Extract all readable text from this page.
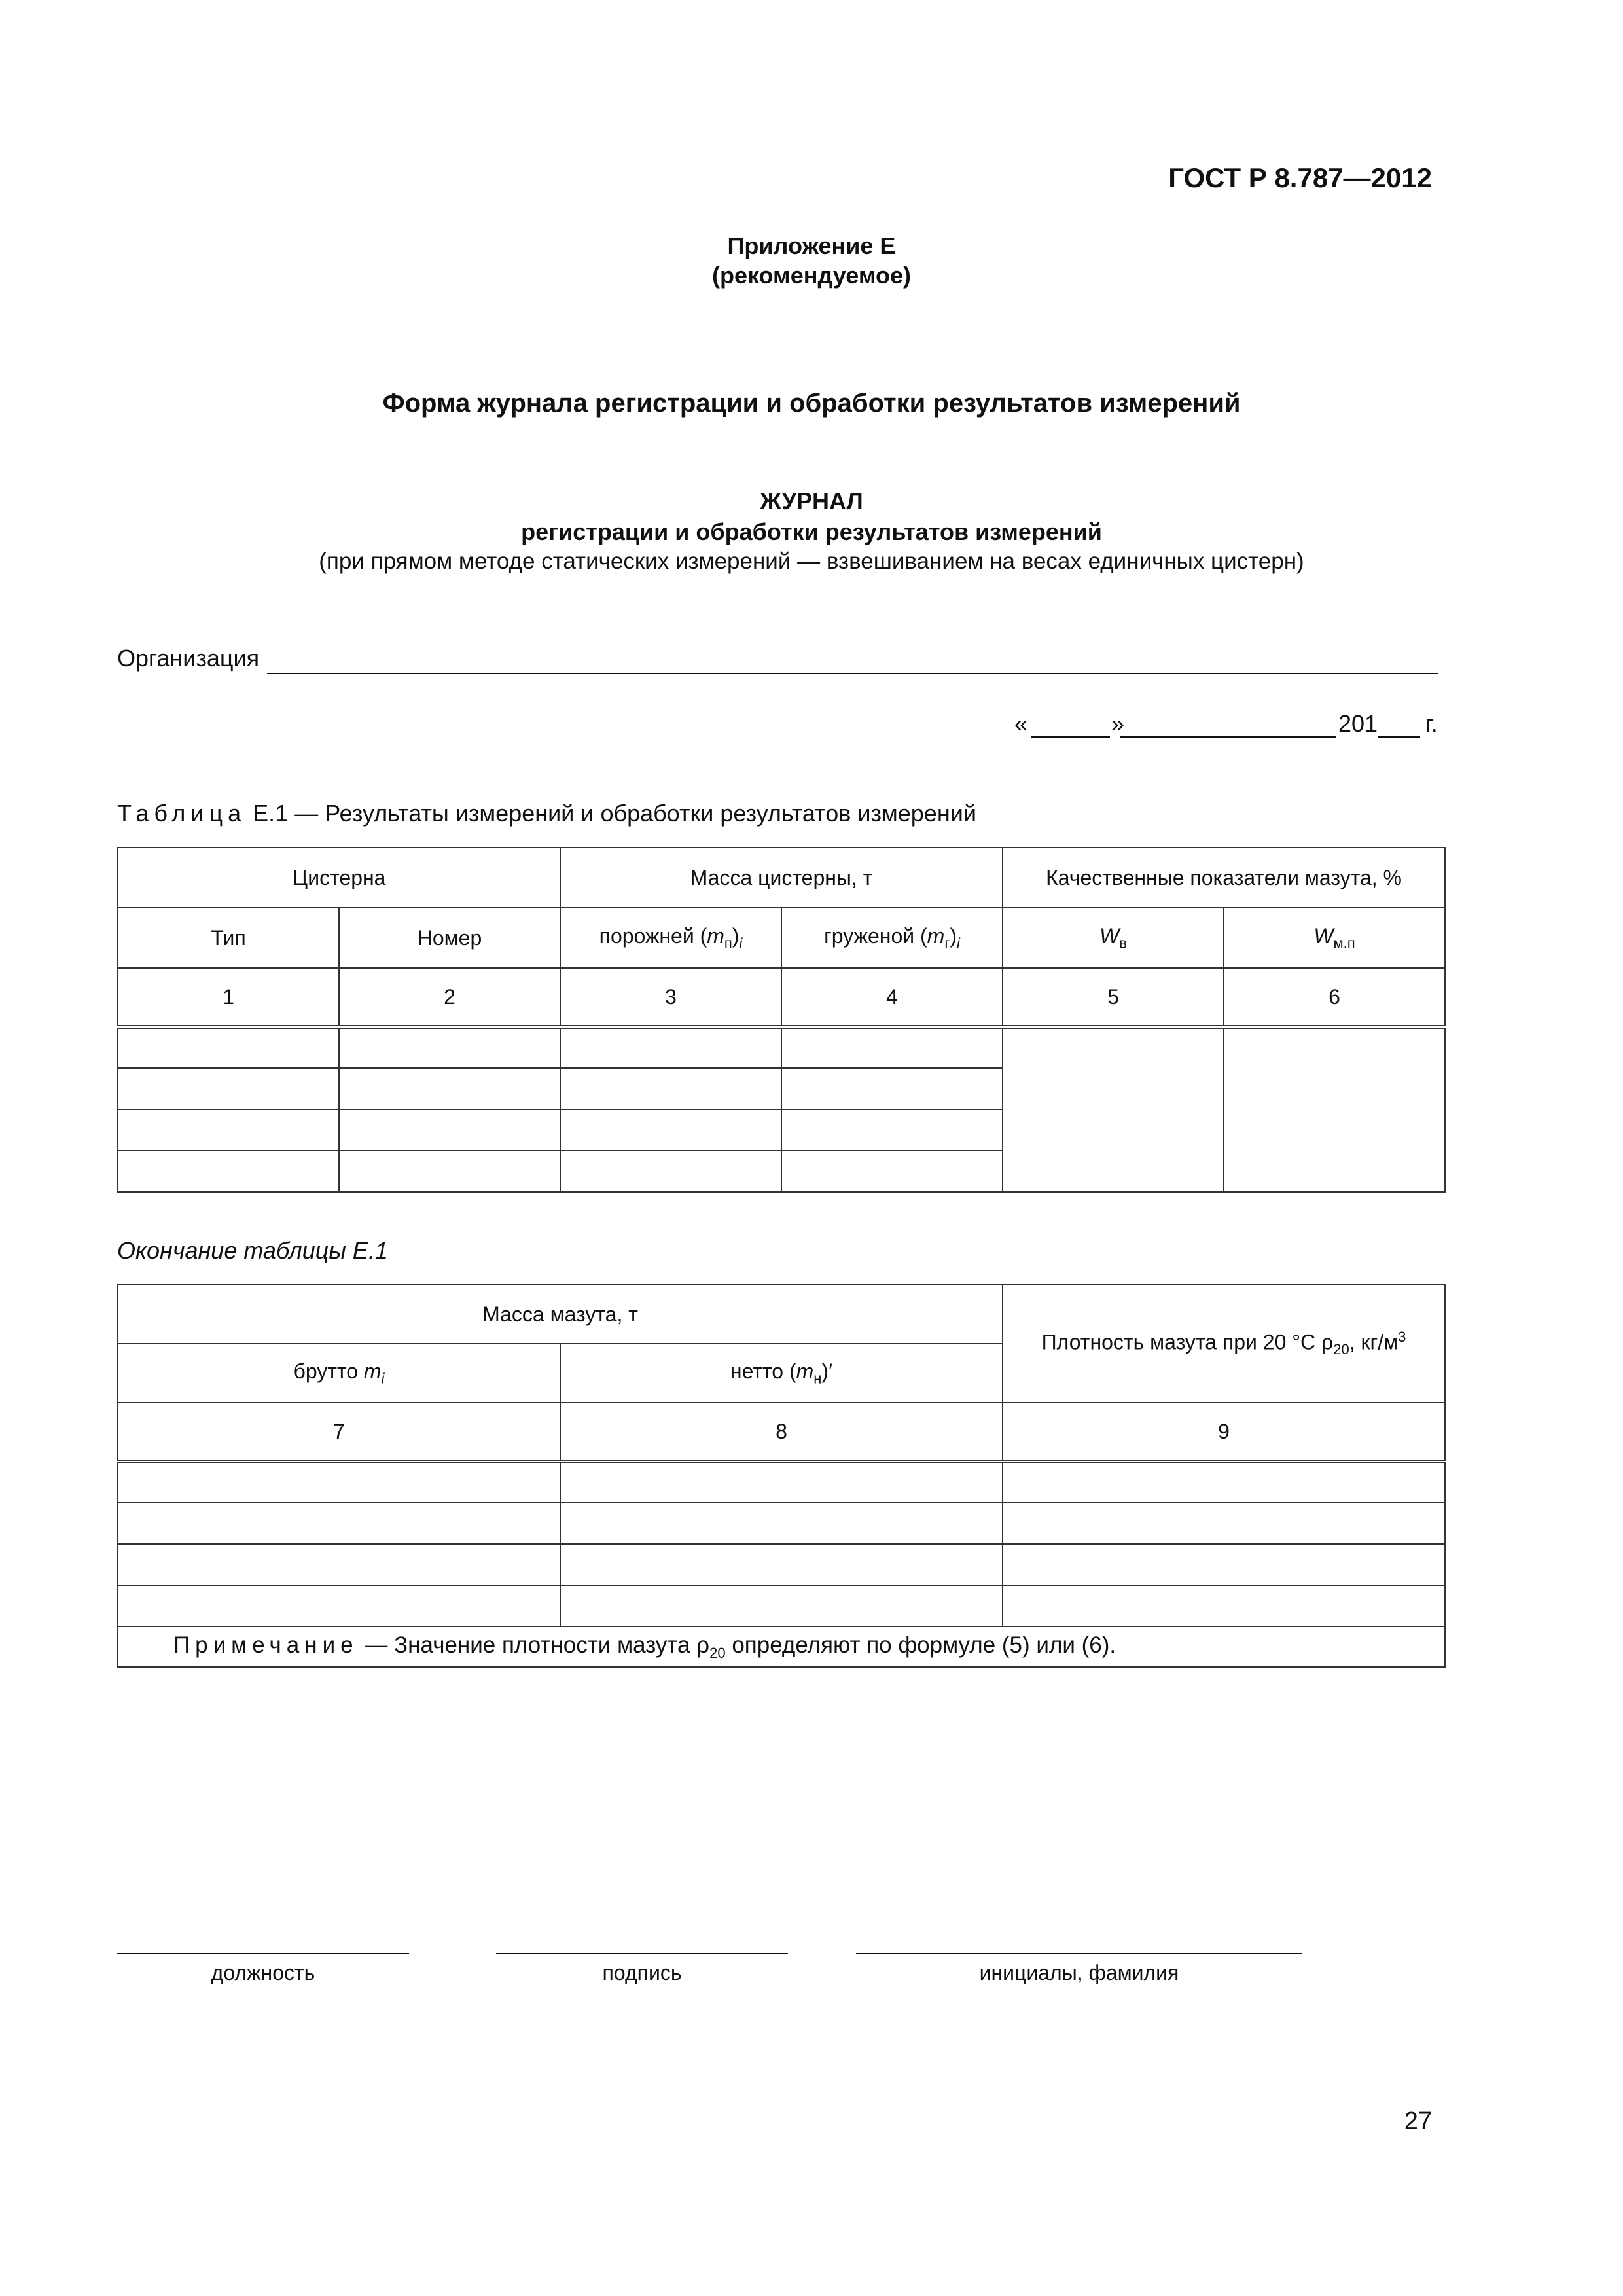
ГОСТ Р 8.787—2012
Приложение Е
(рекомендуемое)
Форма журнала регистрации и обработки результатов измерений
ЖУРНАЛ
регистрации и обработки результатов измерений
(при прямом методе статических измерений — взвешиванием на весах единичных цистерн)
Организация
«	»	201 г.
Таблица Е.1 — Результаты измерений и обработки результатов измерений
Цистерна		Масса цистерны, т		Качественные показатели мазута, %	
Тип	Номер	порожней $(m_п)_i$	груженой $(m_г)_i$	$W_в$	$W_{м.п}$
1	2	3	4	5	6

Окончание таблицы Е.1
Масса мазута, т		Плотность мазута при 20 °С $\rho_{20}$, $кг/м^3$
брутто $m_i$	нетто $(m_н)'$	
7	8	9

Примечание — Значение плотности мазута $\rho_{20}$ определяют по формуле (5) или (6).		
должность	подпись	инициалы, фамилия
27
